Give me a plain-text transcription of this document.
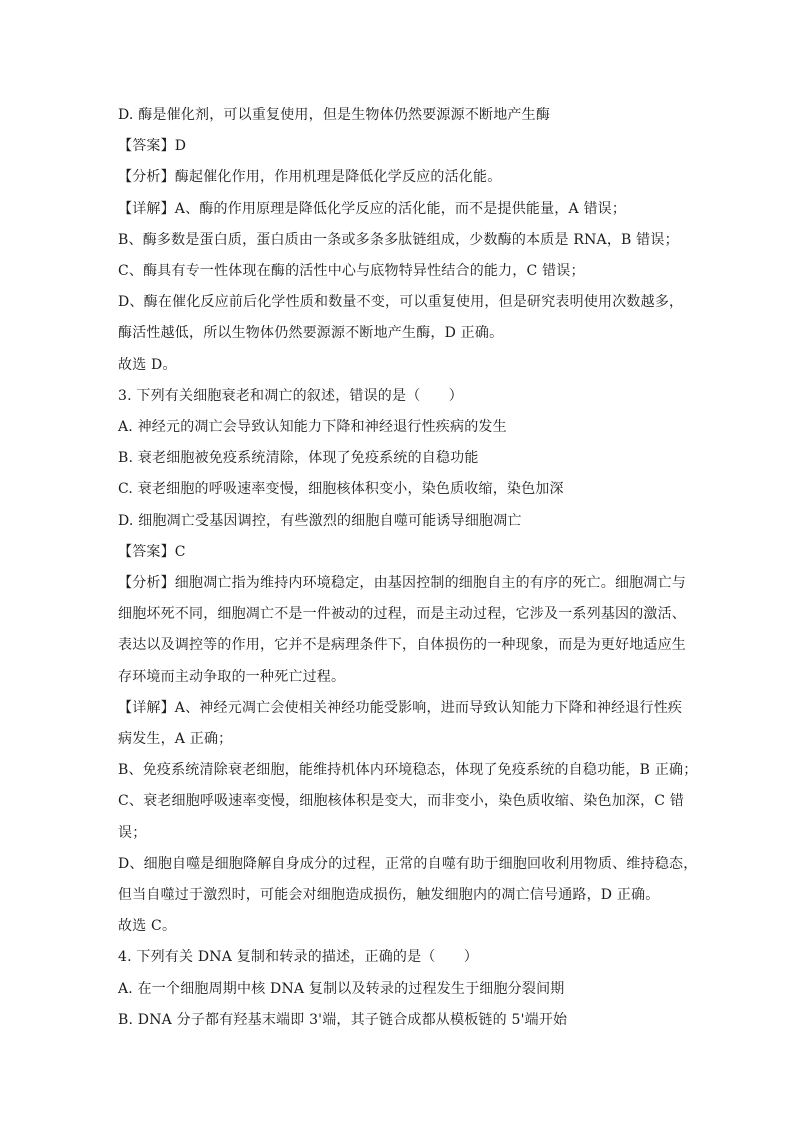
D. 酶是催化剂，可以重复使用，但是生物体仍然要源源不断地产生酶
【答案】D
【分析】酶起催化作用，作用机理是降低化学反应的活化能。
【详解】A、酶的作用原理是降低化学反应的活化能，而不是提供能量，A 错误；
B、酶多数是蛋白质，蛋白质由一条或多条多肽链组成，少数酶的本质是 RNA，B 错误；
C、酶具有专一性体现在酶的活性中心与底物特异性结合的能力，C 错误；
D、酶在催化反应前后化学性质和数量不变，可以重复使用，但是研究表明使用次数越多，
酶活性越低，所以生物体仍然要源源不断地产生酶，D 正确。
故选 D。
3. 下列有关细胞衰老和凋亡的叙述，错误的是（　　）
A. 神经元的凋亡会导致认知能力下降和神经退行性疾病的发生
B. 衰老细胞被免疫系统清除，体现了免疫系统的自稳功能
C. 衰老细胞的呼吸速率变慢，细胞核体积变小，染色质收缩，染色加深
D. 细胞凋亡受基因调控，有些激烈的细胞自噬可能诱导细胞凋亡
【答案】C
【分析】细胞凋亡指为维持内环境稳定，由基因控制的细胞自主的有序的死亡。细胞凋亡与
细胞坏死不同，细胞凋亡不是一件被动的过程，而是主动过程，它涉及一系列基因的激活、
表达以及调控等的作用，它并不是病理条件下，自体损伤的一种现象，而是为更好地适应生
存环境而主动争取的一种死亡过程。
【详解】A、神经元凋亡会使相关神经功能受影响，进而导致认知能力下降和神经退行性疾
病发生，A 正确；
B、免疫系统清除衰老细胞，能维持机体内环境稳态，体现了免疫系统的自稳功能，B 正确；
C、衰老细胞呼吸速率变慢，细胞核体积是变大，而非变小，染色质收缩、染色加深，C 错
误；
D、细胞自噬是细胞降解自身成分的过程，正常的自噬有助于细胞回收利用物质、维持稳态，
但当自噬过于激烈时，可能会对细胞造成损伤，触发细胞内的凋亡信号通路，D 正确。
故选 C。
4. 下列有关 DNA 复制和转录的描述，正确的是（　　）
A. 在一个细胞周期中核 DNA 复制以及转录的过程发生于细胞分裂间期
B. DNA 分子都有羟基末端即 3'端，其子链合成都从模板链的 5'端开始
